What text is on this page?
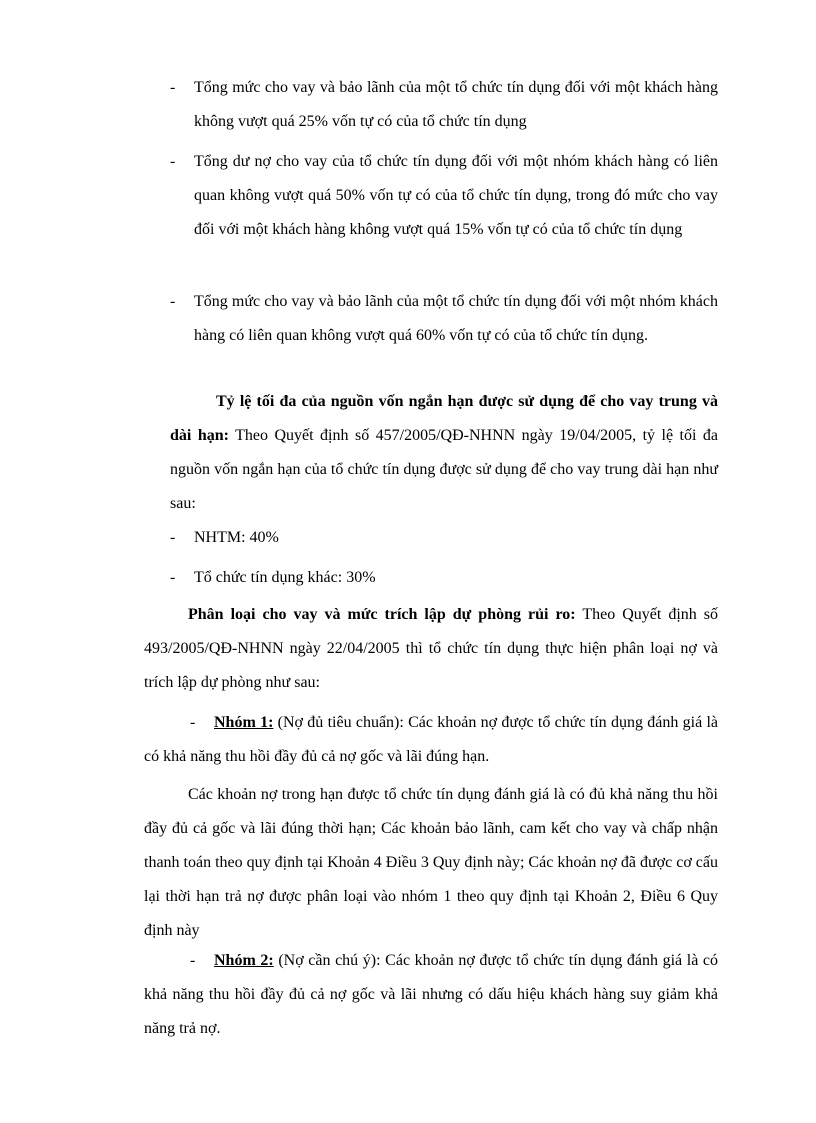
- Tổng mức cho vay và bảo lãnh của một tổ chức tín dụng đối với một khách hàng không vượt quá 25% vốn tự có của tổ chức tín dụng
- Tổng dư nợ cho vay của tổ chức tín dụng đối với một nhóm khách hàng có liên quan không vượt quá 50% vốn tự có của tổ chức tín dụng, trong đó mức cho vay đối với một khách hàng không vượt quá 15% vốn tự có của tổ chức tín dụng
- Tổng mức cho vay và bảo lãnh của một tổ chức tín dụng đối với một nhóm khách hàng có liên quan không vượt quá 60% vốn tự có của tổ chức tín dụng.
Tỷ lệ tối đa của nguồn vốn ngắn hạn được sử dụng để cho vay trung và dài hạn: Theo Quyết định số 457/2005/QĐ-NHNN ngày 19/04/2005, tỷ lệ tối đa nguồn vốn ngắn hạn của tổ chức tín dụng được sử dụng để cho vay trung dài hạn như sau:
- NHTM: 40%
- Tổ chức tín dụng khác: 30%
Phân loại cho vay và mức trích lập dự phòng rủi ro: Theo Quyết định số 493/2005/QĐ-NHNN ngày 22/04/2005 thì tổ chức tín dụng thực hiện phân loại nợ và trích lập dự phòng như sau:
- Nhóm 1: (Nợ đủ tiêu chuẩn): Các khoản nợ được tổ chức tín dụng đánh giá là có khả năng thu hồi đầy đủ cả nợ gốc và lãi đúng hạn.
Các khoản nợ trong hạn được tổ chức tín dụng đánh giá là có đủ khả năng thu hồi đầy đủ cả gốc và lãi đúng thời hạn; Các khoản bảo lãnh, cam kết cho vay và chấp nhận thanh toán theo quy định tại Khoản 4 Điều 3 Quy định này; Các khoản nợ đã được cơ cấu lại thời hạn trả nợ được phân loại vào nhóm 1 theo quy định tại Khoản 2, Điều 6 Quy định này
- Nhóm 2: (Nợ cần chú ý): Các khoản nợ được tổ chức tín dụng đánh giá là có khả năng thu hồi đầy đủ cả nợ gốc và lãi nhưng có dấu hiệu khách hàng suy giảm khả năng trả nợ.
